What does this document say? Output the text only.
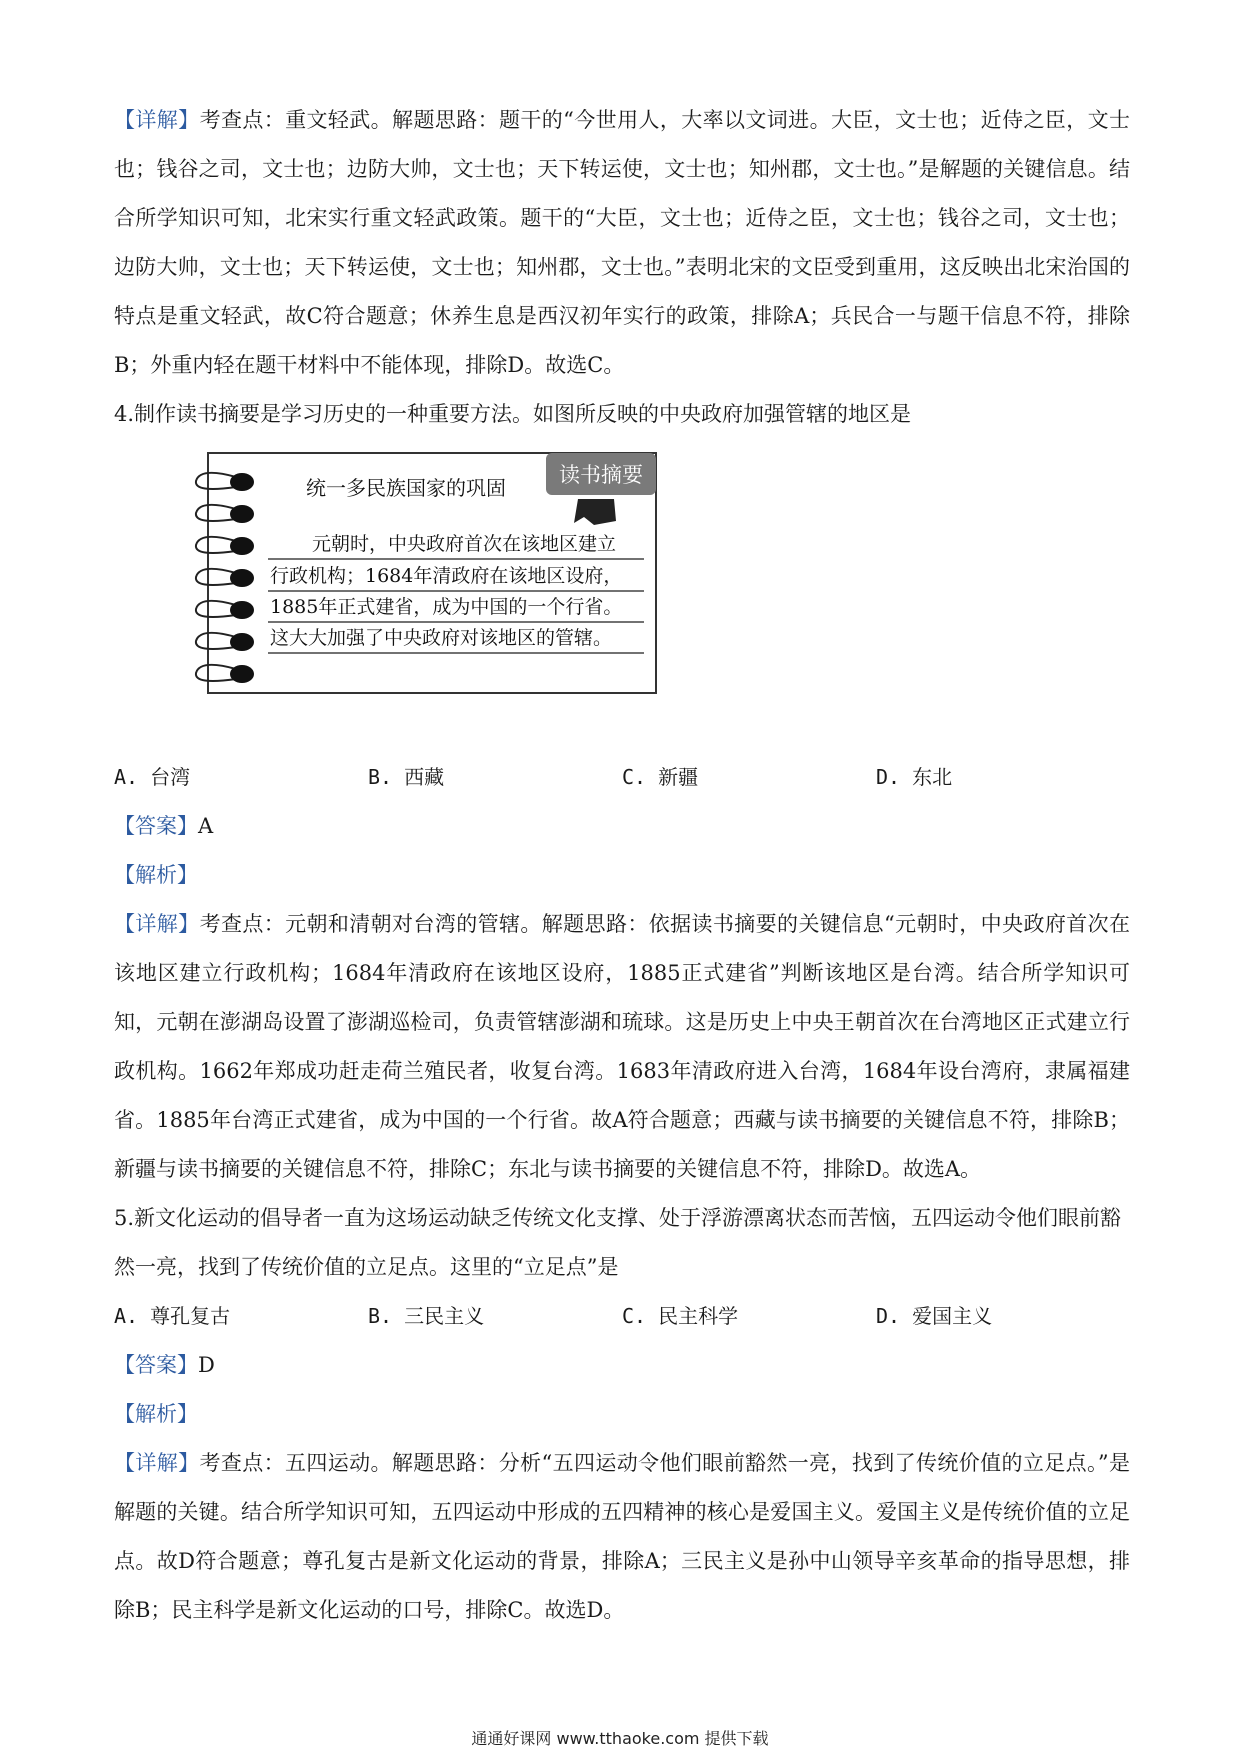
【详解】考查点：重文轻武。解题思路：题干的“今世用人，大率以文词进。大臣，文士也；近侍之臣，文士也；钱谷之司，文士也；边防大帅，文士也；天下转运使，文士也；知州郡，文士也。”是解题的关键信息。结合所学知识可知，北宋实行重文轻武政策。题干的“大臣，文士也；近侍之臣，文士也；钱谷之司，文士也；边防大帅，文士也；天下转运使，文士也；知州郡，文士也。”表明北宋的文臣受到重用，这反映出北宋治国的特点是重文轻武，故C符合题意；休养生息是西汉初年实行的政策，排除A；兵民合一与题干信息不符，排除B；外重内轻在题干材料中不能体现，排除D。故选C。

4.制作读书摘要是学习历史的一种重要方法。如图所反映的中央政府加强管辖的地区是

读书摘要
统一多民族国家的巩固
元朝时，中央政府首次在该地区建立
行政机构；1684年清政府在该地区设府，
1885年正式建省，成为中国的一个行省。
这大大加强了中央政府对该地区的管辖。
A. 台湾	B. 西藏	C. 新疆	D. 东北

【答案】A

【解析】

【详解】考查点：元朝和清朝对台湾的管辖。解题思路：依据读书摘要的关键信息“元朝时，中央政府首次在该地区建立行政机构；1684年清政府在该地区设府，1885正式建省”判断该地区是台湾。结合所学知识可知，元朝在澎湖岛设置了澎湖巡检司，负责管辖澎湖和琉球。这是历史上中央王朝首次在台湾地区正式建立行政机构。1662年郑成功赶走荷兰殖民者，收复台湾。1683年清政府进入台湾，1684年设台湾府，隶属福建省。1885年台湾正式建省，成为中国的一个行省。故A符合题意；西藏与读书摘要的关键信息不符，排除B；新疆与读书摘要的关键信息不符，排除C；东北与读书摘要的关键信息不符，排除D。故选A。

5.新文化运动的倡导者一直为这场运动缺乏传统文化支撑、处于浮游漂离状态而苦恼，五四运动令他们眼前豁然一亮，找到了传统价值的立足点。这里的“立足点”是

A. 尊孔复古	B. 三民主义	C. 民主科学	D. 爱国主义

【答案】D

【解析】

【详解】考查点：五四运动。解题思路：分析“五四运动令他们眼前豁然一亮，找到了传统价值的立足点。”是解题的关键。结合所学知识可知，五四运动中形成的五四精神的核心是爱国主义。爱国主义是传统价值的立足点。故D符合题意；尊孔复古是新文化运动的背景，排除A；三民主义是孙中山领导辛亥革命的指导思想，排除B；民主科学是新文化运动的口号，排除C。故选D。

通通好课网 www.tthaoke.com 提供下载
